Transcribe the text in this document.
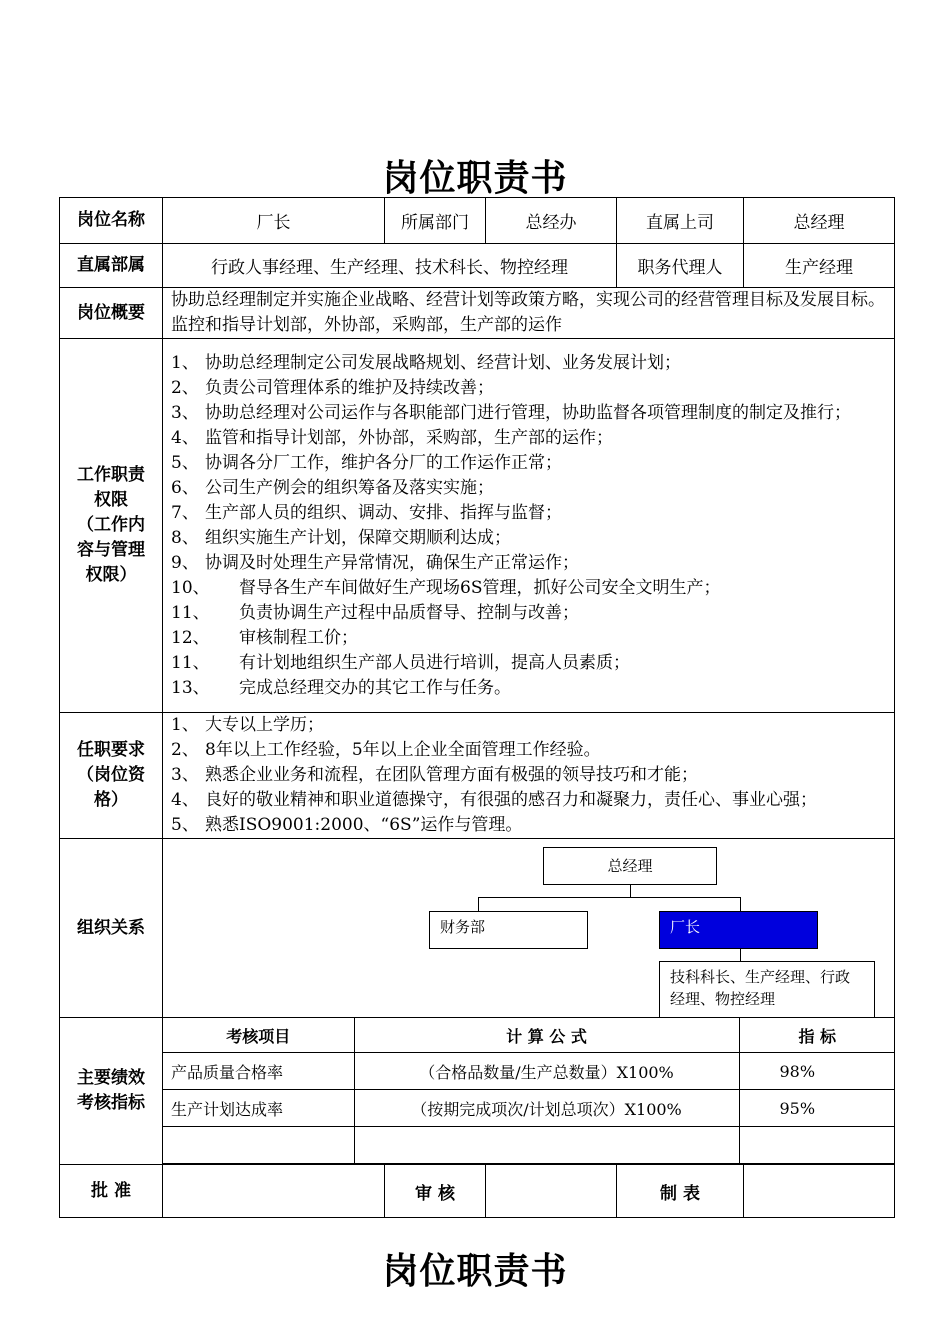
岗位职责书
岗位名称	厂长	所属部门	总经办	直属上司	总经理
直属部属	行政人事经理、生产经理、技术科长、物控经理	职务代理人	生产经理
岗位概要	协助总经理制定并实施企业战略、经营计划等政策方略，实现公司的经营管理目标及发展目标。监控和指导计划部，外协部，采购部，生产部的运作

工作职责
权限
（工作内
容与管理
权限）

1、 协助总经理制定公司发展战略规划、经营计划、业务发展计划；
2、 负责公司管理体系的维护及持续改善；
3、 协助总经理对公司运作与各职能部门进行管理，协助监督各项管理制度的制定及推行；
4、 监管和指导计划部，外协部，采购部，生产部的运作；
5、 协调各分厂工作，维护各分厂的工作运作正常；
6、 公司生产例会的组织筹备及落实实施；
7、 生产部人员的组织、调动、安排、指挥与监督；
8、 组织实施生产计划，保障交期顺利达成；
9、 协调及时处理生产异常情况，确保生产正常运作；
10、	督导各生产车间做好生产现场6S管理，抓好公司安全文明生产；
11、	负责协调生产过程中品质督导、控制与改善；
12、	审核制程工价；
11、	有计划地组织生产部人员进行培训，提高人员素质；
13、	完成总经理交办的其它工作与任务。

任职要求
（岗位资
格）

1、 大专以上学历；
2、 8年以上工作经验，5年以上企业全面管理工作经验。
3、 熟悉企业业务和流程，在团队管理方面有极强的领导技巧和才能；
4、 良好的敬业精神和职业道德操守，有很强的感召力和凝聚力，责任心、事业心强；
5、 熟悉ISO9001:2000、“6S”运作与管理。

组织关系	
总经理
财务部	厂长
技科科长、生产经理、行政经理、物控经理

主要绩效
考核指标

考核项目	计 算 公 式	指 标
产品质量合格率	（合格品数量/生产总数量）X100%	98%
生产计划达成率	（按期完成项次/计划总项次）X100%	95%

批 准		审 核		制 表	
岗位职责书
